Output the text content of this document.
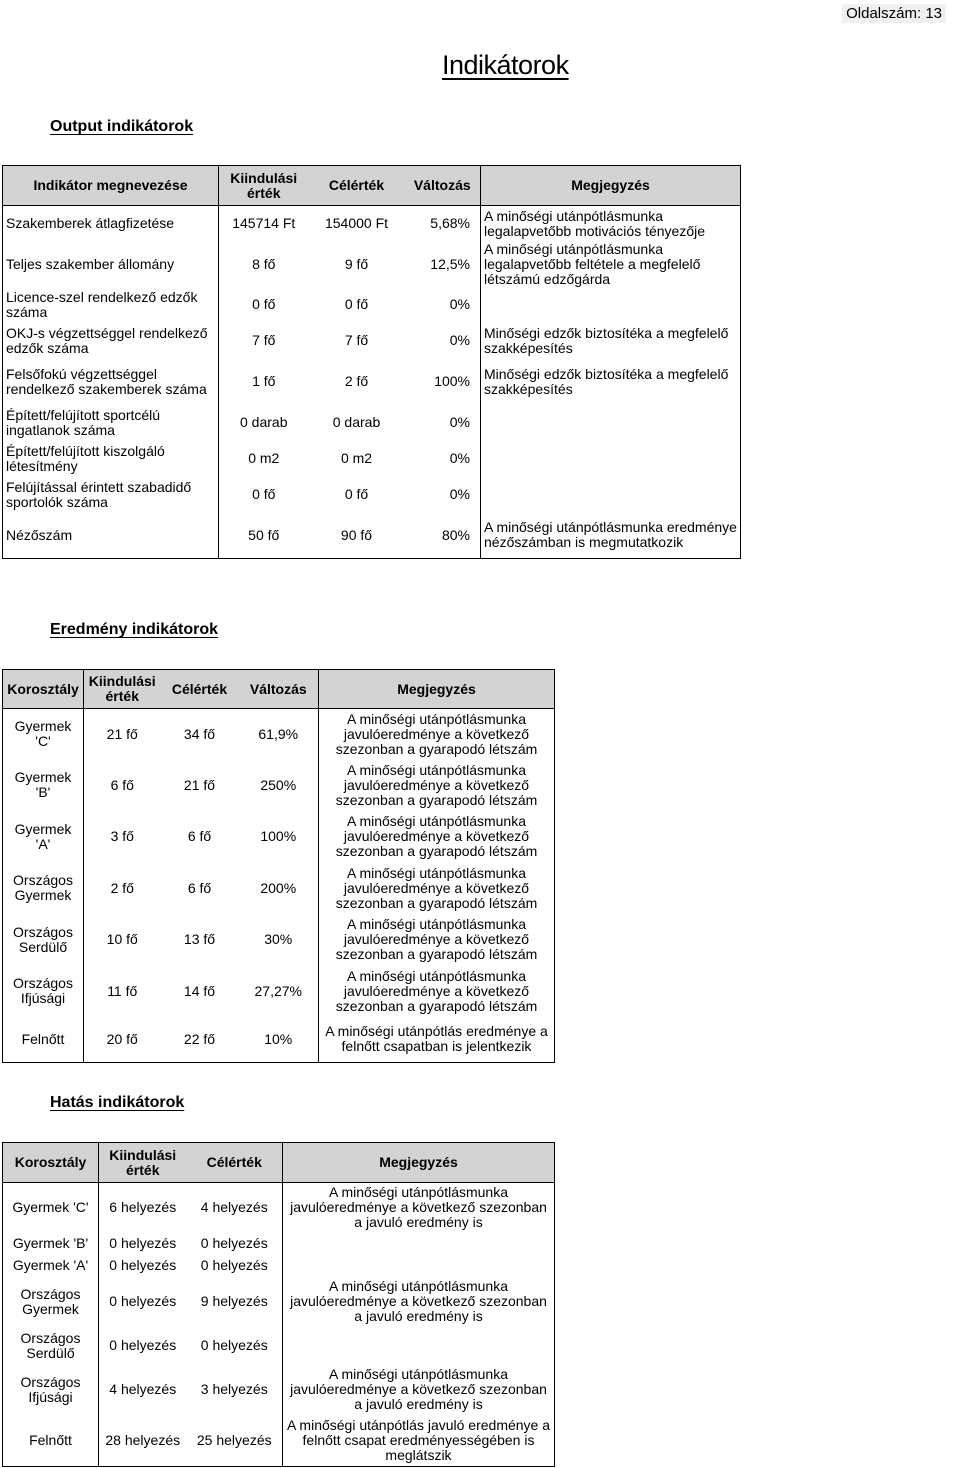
Oldalszám: 13
Indikátorok
Output indikátorok
Indikátor megnevezése	Kiindulási érték	Célérték	Változás	Megjegyzés
Szakemberek átlagfizetése	145714 Ft	154000 Ft	5,68%	A minőségi utánpótlásmunka legalapvetőbb motivációs tényezője
Teljes szakember állomány	8 fő	9 fő	12,5%	A minőségi utánpótlásmunka legalapvetőbb feltétele a megfelelő létszámú edzőgárda
Licence-szel rendelkező edzők száma	0 fő	0 fő	0%	
OKJ-s végzettséggel rendelkező edzők száma	7 fő	7 fő	0%	Minőségi edzők biztosítéka a megfelelő szakképesítés
Felsőfokú végzettséggel rendelkező szakemberek száma	1 fő	2 fő	100%	Minőségi edzők biztosítéka a megfelelő szakképesítés
Épített/felújított sportcélú ingatlanok száma	0 darab	0 darab	0%	
Épített/felújított kiszolgáló létesítmény	0 m2	0 m2	0%	
Felújítással érintett szabadidő sportolók száma	0 fő	0 fő	0%	
Nézőszám	50 fő	90 fő	80%	A minőségi utánpótlásmunka eredménye nézőszámban is megmutatkozik
Eredmény indikátorok
Korosztály	Kiindulási érték	Célérték	Változás	Megjegyzés
Gyermek 'C'	21 fő	34 fő	61,9%	A minőségi utánpótlásmunka javulóeredménye a következő szezonban a gyarapodó létszám
Gyermek 'B'	6 fő	21 fő	250%	A minőségi utánpótlásmunka javulóeredménye a következő szezonban a gyarapodó létszám
Gyermek 'A'	3 fő	6 fő	100%	A minőségi utánpótlásmunka javulóeredménye a következő szezonban a gyarapodó létszám
Országos Gyermek	2 fő	6 fő	200%	A minőségi utánpótlásmunka javulóeredménye a következő szezonban a gyarapodó létszám
Országos Serdülő	10 fő	13 fő	30%	A minőségi utánpótlásmunka javulóeredménye a következő szezonban a gyarapodó létszám
Országos Ifjúsági	11 fő	14 fő	27,27%	A minőségi utánpótlásmunka javulóeredménye a következő szezonban a gyarapodó létszám
Felnőtt	20 fő	22 fő	10%	A minőségi utánpótlás eredménye a felnőtt csapatban is jelentkezik
Hatás indikátorok
Korosztály	Kiindulási érték	Célérték	Megjegyzés
Gyermek 'C'	6 helyezés	4 helyezés	A minőségi utánpótlásmunka javulóeredménye a következő szezonban a javuló eredmény is
Gyermek 'B'	0 helyezés	0 helyezés	
Gyermek 'A'	0 helyezés	0 helyezés	
Országos Gyermek	0 helyezés	9 helyezés	A minőségi utánpótlásmunka javulóeredménye a következő szezonban a javuló eredmény is
Országos Serdülő	0 helyezés	0 helyezés	
Országos Ifjúsági	4 helyezés	3 helyezés	A minőségi utánpótlásmunka javulóeredménye a következő szezonban a javuló eredmény is
Felnőtt	28 helyezés	25 helyezés	A minőségi utánpótlás javuló eredménye a felnőtt csapat eredményességében is meglátszik
